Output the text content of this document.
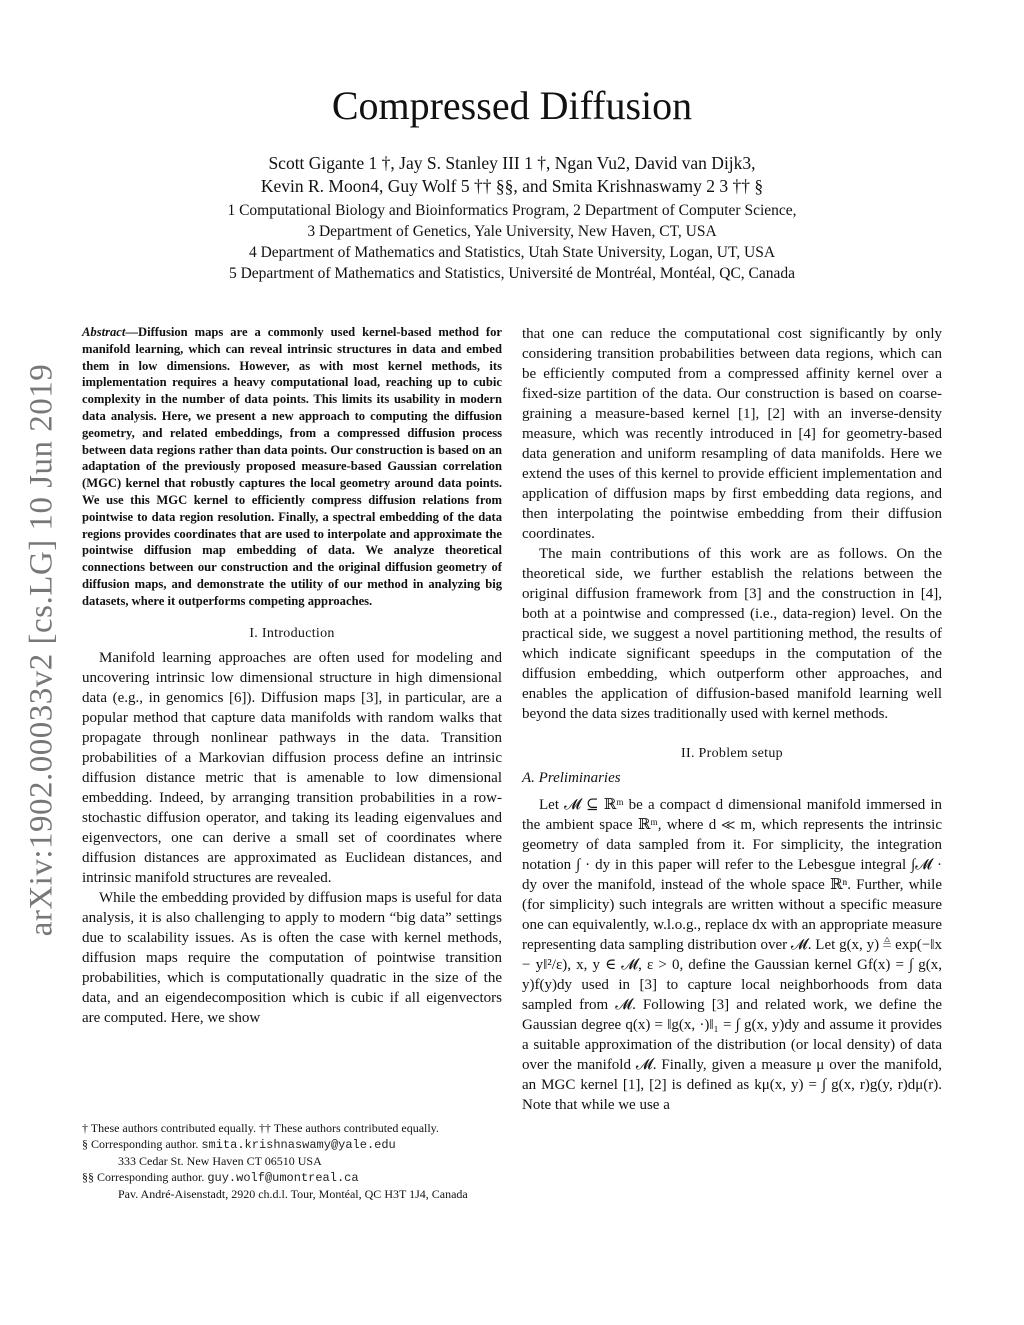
arXiv:1902.00033v2 [cs.LG] 10 Jun 2019
Compressed Diffusion
Scott Gigante 1 †, Jay S. Stanley III 1 †, Ngan Vu2, David van Dijk3,
Kevin R. Moon4, Guy Wolf 5 †† §§, and Smita Krishnaswamy 2 3 †† §
1 Computational Biology and Bioinformatics Program, 2 Department of Computer Science,
3 Department of Genetics, Yale University, New Haven, CT, USA
4 Department of Mathematics and Statistics, Utah State University, Logan, UT, USA
5 Department of Mathematics and Statistics, Université de Montréal, Montéal, QC, Canada

Abstract—Diffusion maps are a commonly used kernel-based method for manifold learning, which can reveal intrinsic structures in data and embed them in low dimensions. However, as with most kernel methods, its implementation requires a heavy computational load, reaching up to cubic complexity in the number of data points. This limits its usability in modern data analysis. Here, we present a new approach to computing the diffusion geometry, and related embeddings, from a compressed diffusion process between data regions rather than data points. Our construction is based on an adaptation of the previously proposed measure-based Gaussian correlation (MGC) kernel that robustly captures the local geometry around data points. We use this MGC kernel to efficiently compress diffusion relations from pointwise to data region resolution. Finally, a spectral embedding of the data regions provides coordinates that are used to interpolate and approximate the pointwise diffusion map embedding of data. We analyze theoretical connections between our construction and the original diffusion geometry of diffusion maps, and demonstrate the utility of our method in analyzing big datasets, where it outperforms competing approaches.

I. Introduction

Manifold learning approaches are often used for modeling and uncovering intrinsic low dimensional structure in high dimensional data (e.g., in genomics [6]). Diffusion maps [3], in particular, are a popular method that capture data manifolds with random walks that propagate through nonlinear pathways in the data. Transition probabilities of a Markovian diffusion process define an intrinsic diffusion distance metric that is amenable to low dimensional embedding. Indeed, by arranging transition probabilities in a row-stochastic diffusion operator, and taking its leading eigenvalues and eigenvectors, one can derive a small set of coordinates where diffusion distances are approximated as Euclidean distances, and intrinsic manifold structures are revealed.

While the embedding provided by diffusion maps is useful for data analysis, it is also challenging to apply to modern “big data” settings due to scalability issues. As is often the case with kernel methods, diffusion maps require the computation of pointwise transition probabilities, which is computationally quadratic in the size of the data, and an eigendecomposition which is cubic if all eigenvectors are computed. Here, we show

that one can reduce the computational cost significantly by only considering transition probabilities between data regions, which can be efficiently computed from a compressed affinity kernel over a fixed-size partition of the data. Our construction is based on coarse-graining a measure-based kernel [1], [2] with an inverse-density measure, which was recently introduced in [4] for geometry-based data generation and uniform resampling of data manifolds. Here we extend the uses of this kernel to provide efficient implementation and application of diffusion maps by first embedding data regions, and then interpolating the pointwise embedding from their diffusion coordinates.

The main contributions of this work are as follows. On the theoretical side, we further establish the relations between the original diffusion framework from [3] and the construction in [4], both at a pointwise and compressed (i.e., data-region) level. On the practical side, we suggest a novel partitioning method, the results of which indicate significant speedups in the computation of the diffusion embedding, which outperform other approaches, and enables the application of diffusion-based manifold learning well beyond the data sizes traditionally used with kernel methods.

II. Problem setup
A. Preliminaries

Let 𝓜 ⊆ ℝᵐ be a compact d dimensional manifold immersed in the ambient space ℝᵐ, where d ≪ m, which represents the intrinsic geometry of data sampled from it. For simplicity, the integration notation ∫ · dy in this paper will refer to the Lebesgue integral ∫𝓜 · dy over the manifold, instead of the whole space ℝⁿ. Further, while (for simplicity) such integrals are written without a specific measure one can equivalently, w.l.o.g., replace dx with an appropriate measure representing data sampling distribution over 𝓜. Let g(x, y) ≜ exp(−‖x − y‖²/ε), x, y ∈ 𝓜, ε > 0, define the Gaussian kernel Gf(x) = ∫ g(x, y)f(y)dy used in [3] to capture local neighborhoods from data sampled from 𝓜. Following [3] and related work, we define the Gaussian degree q(x) = ‖g(x, ·)‖₁ = ∫ g(x, y)dy and assume it provides a suitable approximation of the distribution (or local density) of data over the manifold 𝓜. Finally, given a measure μ over the manifold, an MGC kernel [1], [2] is defined as kμ(x, y) = ∫ g(x, r)g(y, r)dμ(r). Note that while we use a

† These authors contributed equally. †† These authors contributed equally.

§ Corresponding author. smita.krishnaswamy@yale.edu

333 Cedar St. New Haven CT 06510 USA

§§ Corresponding author. guy.wolf@umontreal.ca

Pav. André-Aisenstadt, 2920 ch.d.l. Tour, Montéal, QC H3T 1J4, Canada
